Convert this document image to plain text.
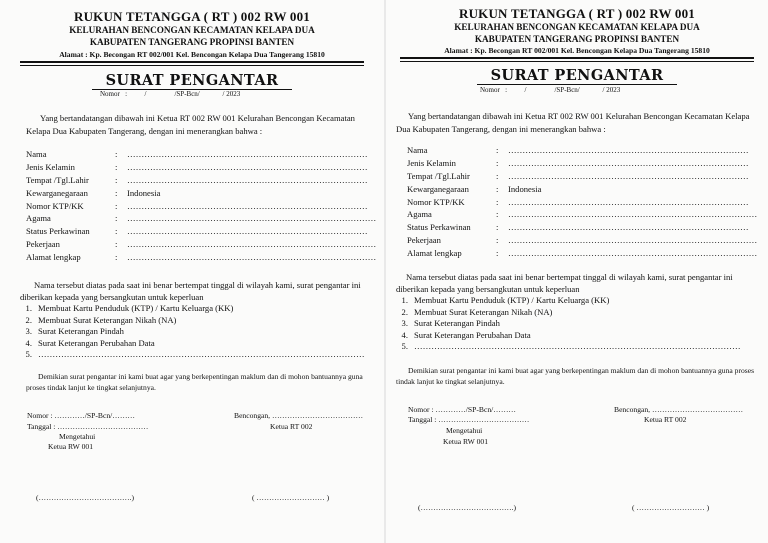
RUKUN TETANGGA ( RT ) 002 RW 001
KELURAHAN BENCONGAN KECAMATAN KELAPA DUA
KABUPATEN TANGERANG PROPINSI BANTEN
Alamat : Kp. Becongan RT 002/001 Kel. Bencongan Kelapa Dua Tangerang 15810
SURAT PENGANTAR
Nomor   :          /                /SP-Bcn/             / 2023
Yang bertandatangan dibawah ini Ketua RT 002 RW 001 Kelurahan Bencongan Kecamatan Kelapa Dua Kabupaten Tangerang, dengan ini menerangkan bahwa :
Nama	: …………………………………………………………………………
Jenis Kelamin	: …………………………………………………………………………
Tempat /Tgl.Lahir	: …………………………………………………………………………
Kewarganegaraan	: Indonesia
Nomor KTP/KK	: …………………………………………………………………………
Agama	: ……………………………………………………………………………
Status Perkawinan	: …………………………………………………………………………
Pekerjaan	: ……………………………………………………………………………
Alamat lengkap	: ……………………………………………………………………………
Nama tersebut diatas pada saat ini benar bertempat tinggal di wilayah kami, surat pengantar ini diberikan kepada yang bersangkutan untuk keperluan
1. Membuat Kartu Penduduk (KTP) / Kartu Keluarga (KK)
2. Membuat Surat Keterangan Nikah (NA)
3. Surat Keterangan Pindah
4. Surat Keterangan Perubahan Data
5. ……………………………………………………………………………………………………
Demikian surat pengantar ini kami buat agar yang berkepentingan maklum dan di mohon bantuannya guna proses tindak lanjut ke tingkat selanjutnya.
Nomor : …………/SP-Bcn/………
Tanggal : ………………………………
Mengetahui
Ketua RW 001
Bencongan, ………………………………
Ketua RT 002
(……………………………….)	( ……………………… )
RUKUN TETANGGA ( RT ) 002 RW 001
KELURAHAN BENCONGAN KECAMATAN KELAPA DUA
KABUPATEN TANGERANG PROPINSI BANTEN
Alamat : Kp. Becongan RT 002/001 Kel. Bencongan Kelapa Dua Tangerang 15810
SURAT PENGANTAR
Nomor   :          /                /SP-Bcn/             / 2023
Yang bertandatangan dibawah ini Ketua RT 002 RW 001 Kelurahan Bencongan Kecamatan Kelapa Dua Kabupaten Tangerang, dengan ini menerangkan bahwa :
Nama	: …………………………………………………………………………
Jenis Kelamin	: …………………………………………………………………………
Tempat /Tgl.Lahir	: …………………………………………………………………………
Kewarganegaraan	: Indonesia
Nomor KTP/KK	: …………………………………………………………………………
Agama	: ……………………………………………………………………………
Status Perkawinan	: …………………………………………………………………………
Pekerjaan	: ……………………………………………………………………………
Alamat lengkap	: ……………………………………………………………………………
Nama tersebut diatas pada saat ini benar bertempat tinggal di wilayah kami, surat pengantar ini diberikan kepada yang bersangkutan untuk keperluan
1. Membuat Kartu Penduduk (KTP) / Kartu Keluarga (KK)
2. Membuat Surat Keterangan Nikah (NA)
3. Surat Keterangan Pindah
4. Surat Keterangan Perubahan Data
5. ……………………………………………………………………………………………………
Demikian surat pengantar ini kami buat agar yang berkepentingan maklum dan di mohon bantuannya guna proses tindak lanjut ke tingkat selanjutnya.
Nomor : …………/SP-Bcn/………
Tanggal : ………………………………
Mengetahui
Ketua RW 001
Bencongan, ………………………………
Ketua RT 002
(……………………………….)	( ……………………… )
